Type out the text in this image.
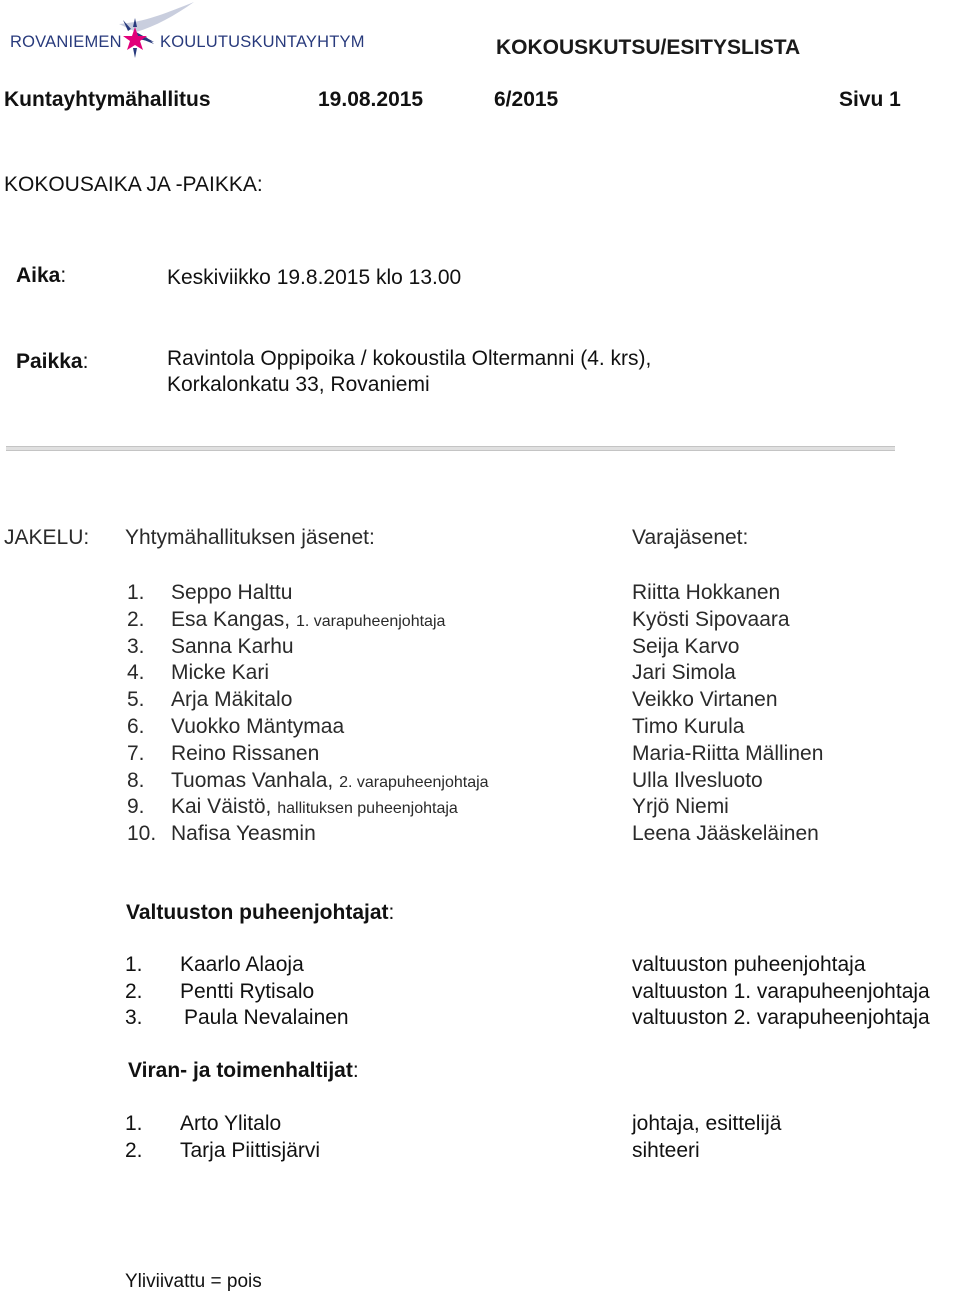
ROVANIEMEN KOULUTUSKUNTAYHTYMÄ	KOKOUSKUTSU/ESITYSLISTA
Kuntayhtymähallitus	19.08.2015	6/2015	Sivu 1
KOKOUSAIKA JA -PAIKKA:
Aika:	Keskiviikko 19.8.2015 klo 13.00
Paikka:	Ravintola Oppipoika / kokoustila Oltermanni (4. krs),
Korkalonkatu 33, Rovaniemi
JAKELU: Yhtymähallituksen jäsenet:	Varajäsenet:
1. Seppo Halttu	Riitta Hokkanen
2. Esa Kangas, 1. varapuheenjohtaja	Kyösti Sipovaara
3. Sanna Karhu	Seija Karvo
4. Micke Kari	Jari Simola
5. Arja Mäkitalo	Veikko Virtanen
6. Vuokko Mäntymaa	Timo Kurula
7. Reino Rissanen	Maria-Riitta Mällinen
8. Tuomas Vanhala, 2. varapuheenjohtaja	Ulla Ilvesluoto
9. Kai Väistö, hallituksen puheenjohtaja	Yrjö Niemi
10. Nafisa Yeasmin	Leena Jääskeläinen
Valtuuston puheenjohtajat:
1. Kaarlo Alaoja	valtuuston puheenjohtaja
2. Pentti Rytisalo	valtuuston 1. varapuheenjohtaja
3. Paula Nevalainen	valtuuston 2. varapuheenjohtaja
Viran- ja toimenhaltijat:
1. Arto Ylitalo	johtaja, esittelijä
2. Tarja Piittisjärvi	sihteeri
Yliviivattu = pois
